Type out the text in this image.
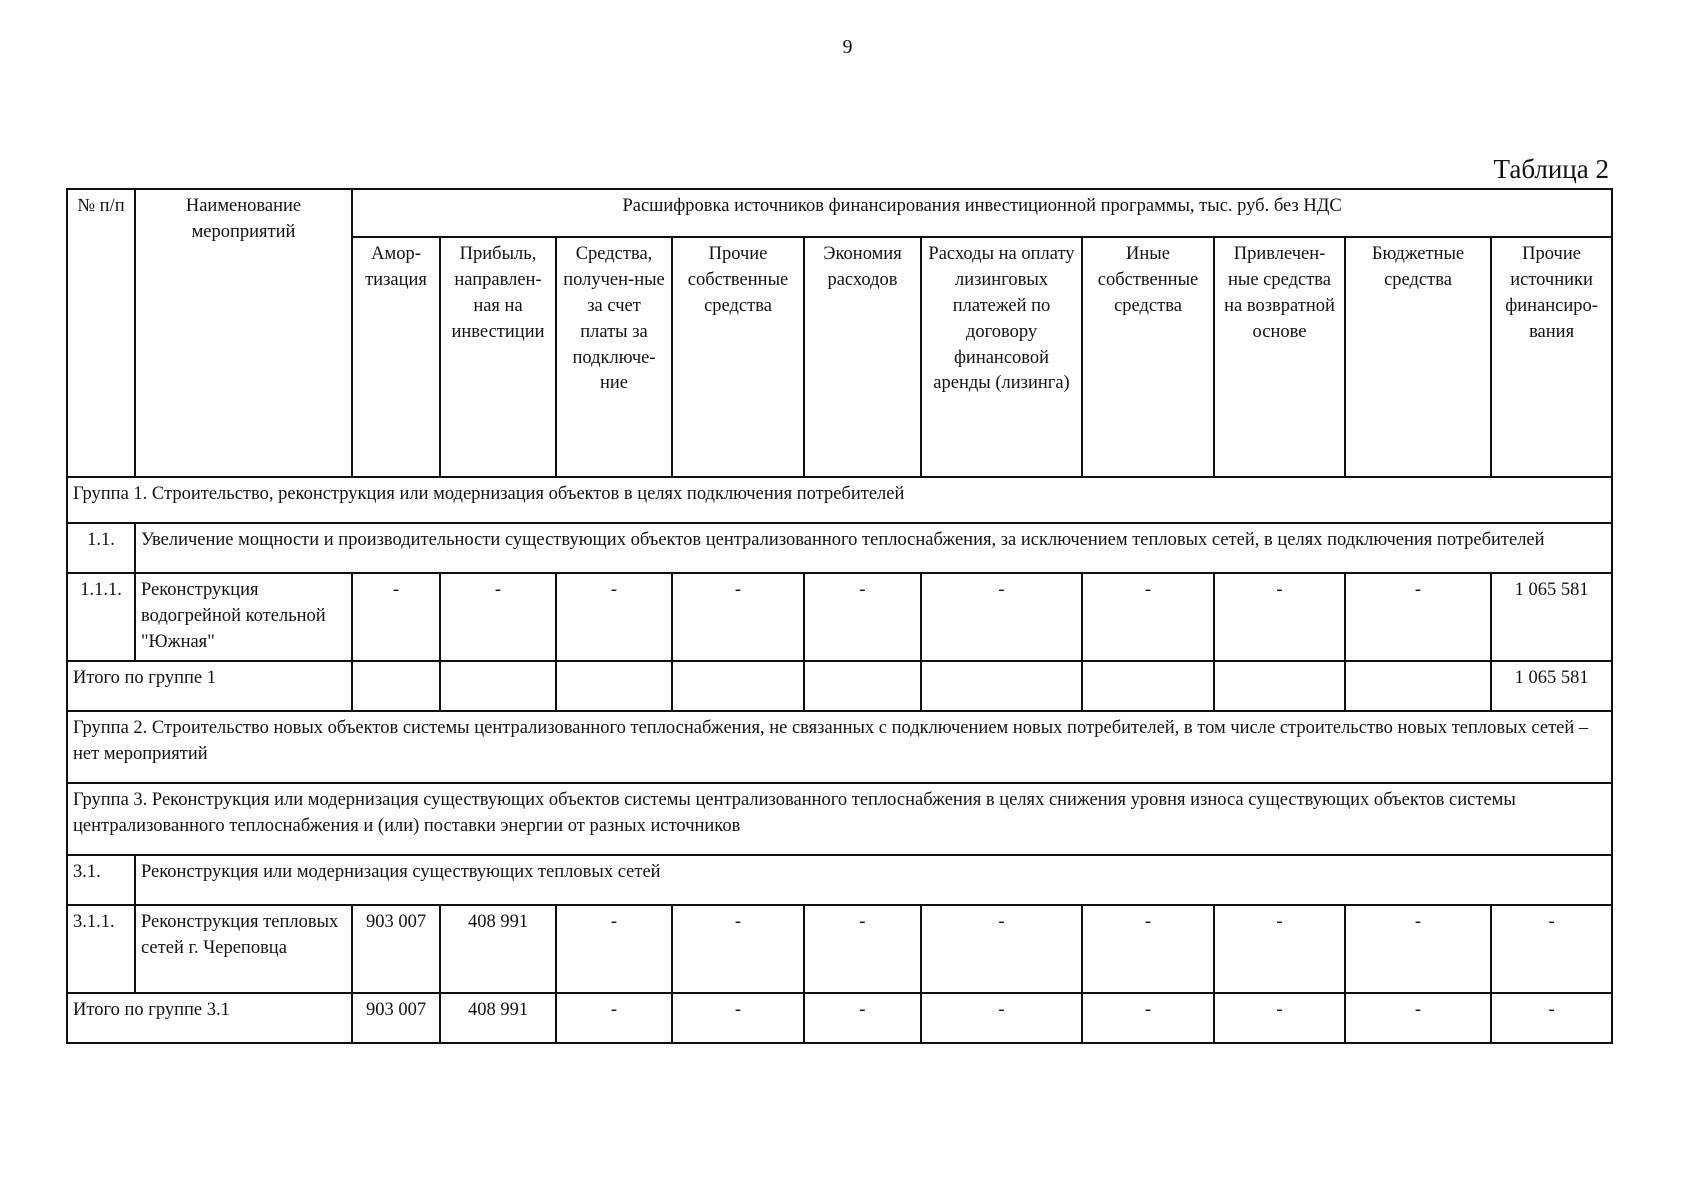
9
Таблица 2
№ п/п	Наименование мероприятий	Расшифровка источников финансирования инвестиционной программы, тыс. руб. без НДС									
		Амор-тизация	Прибыль, направлен-ная на инвестиции	Средства, получен-ные за счет платы за подключе-ние	Прочие собственные средства	Экономия расходов	Расходы на оплату лизинговых платежей по договору финансовой аренды (лизинга)	Иные собственные средства	Привлечен-ные средства на возвратной основе	Бюджетные средства	Прочие источники финансиро-вания
Группа 1. Строительство, реконструкция или модернизация объектов в целях подключения потребителей											
1.1.	Увеличение мощности и производительности существующих объектов централизованного теплоснабжения, за исключением тепловых сетей, в целях подключения потребителей										
1.1.1.	Реконструкция водогрейной котельной "Южная"	-	-	-	-	-	-	-	-	-	1 065 581
Итого по группе 1											1 065 581
Группа 2. Строительство новых объектов системы централизованного теплоснабжения, не связанных с подключением новых потребителей, в том числе строительство новых тепловых сетей – нет мероприятий											
Группа 3. Реконструкция или модернизация существующих объектов системы централизованного теплоснабжения в целях снижения уровня износа существующих объектов системы централизованного теплоснабжения и (или) поставки энергии от разных источников											
3.1.	Реконструкция или модернизация существующих тепловых сетей										
3.1.1.	Реконструкция тепловых сетей г. Череповца	903 007	408 991	-	-	-	-	-	-	-	-
Итого по группе 3.1		903 007	408 991	-	-	-	-	-	-	-	-
